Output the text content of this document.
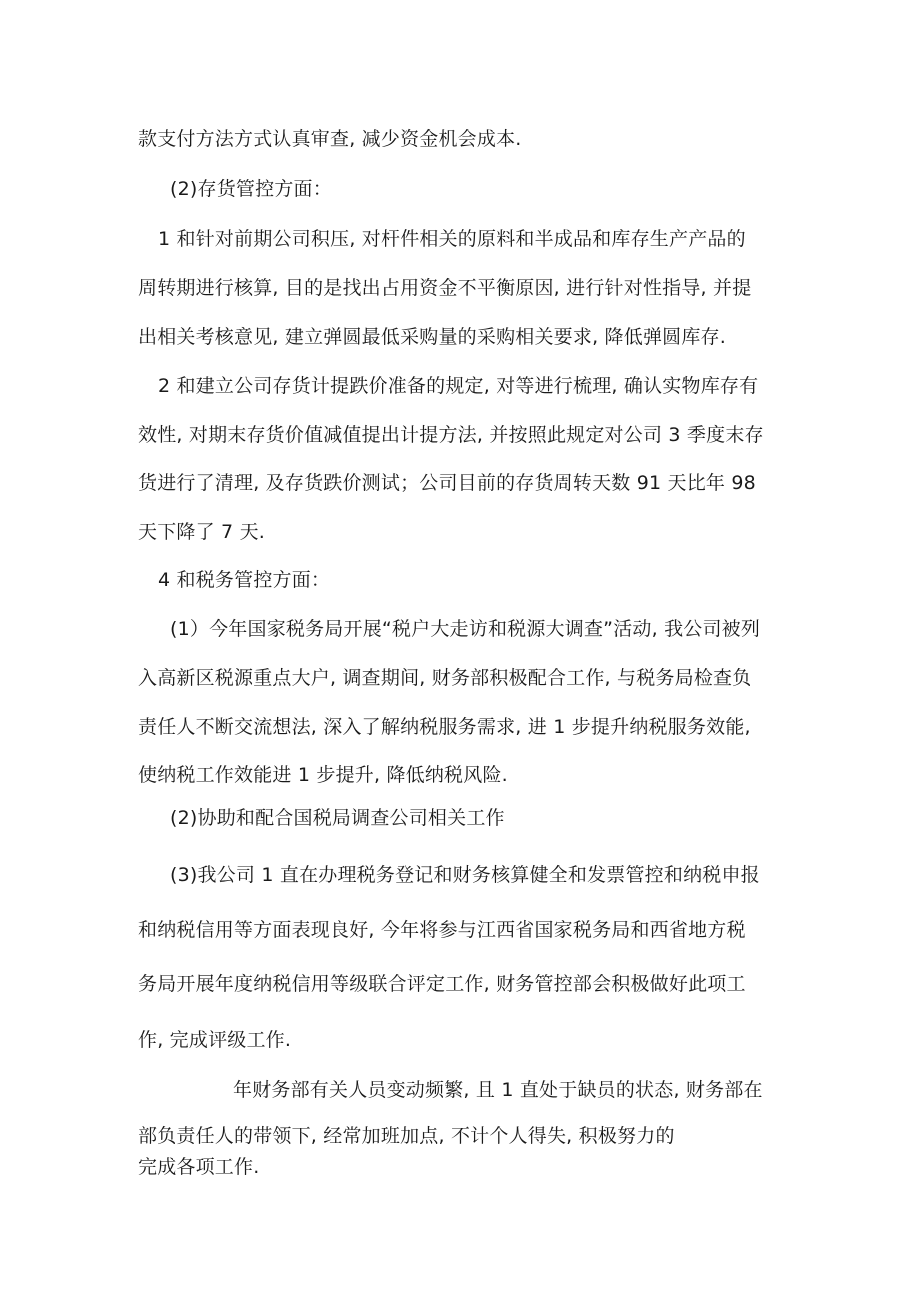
款支付方法方式认真审查, 减少资金机会成本.
(2)存货管控方面：
1 和针对前期公司积压, 对杆件相关的原料和半成品和库存生产产品的
周转期进行核算, 目的是找出占用资金不平衡原因, 进行针对性指导, 并提
出相关考核意见, 建立弹圆最低采购量的采购相关要求, 降低弹圆库存.
2 和建立公司存货计提跌价准备的规定, 对等进行梳理, 确认实物库存有
效性, 对期末存货价值减值提出计提方法, 并按照此规定对公司 3 季度末存
货进行了清理, 及存货跌价测试；公司目前的存货周转天数 91 天比年 98
天下降了 7 天.
4 和税务管控方面：
(1）今年国家税务局开展“税户大走访和税源大调查”活动, 我公司被列
入高新区税源重点大户, 调查期间, 财务部积极配合工作, 与税务局检查负
责任人不断交流想法, 深入了解纳税服务需求, 进 1 步提升纳税服务效能,
使纳税工作效能进 1 步提升, 降低纳税风险.
(2)协助和配合国税局调查公司相关工作
(3)我公司 1 直在办理税务登记和财务核算健全和发票管控和纳税申报
和纳税信用等方面表现良好, 今年将参与江西省国家税务局和西省地方税
务局开展年度纳税信用等级联合评定工作, 财务管控部会积极做好此项工
作, 完成评级工作.
年财务部有关人员变动频繁, 且 1 直处于缺员的状态, 财务部在
部负责任人的带领下, 经常加班加点, 不计个人得失, 积极努力的
完成各项工作.
